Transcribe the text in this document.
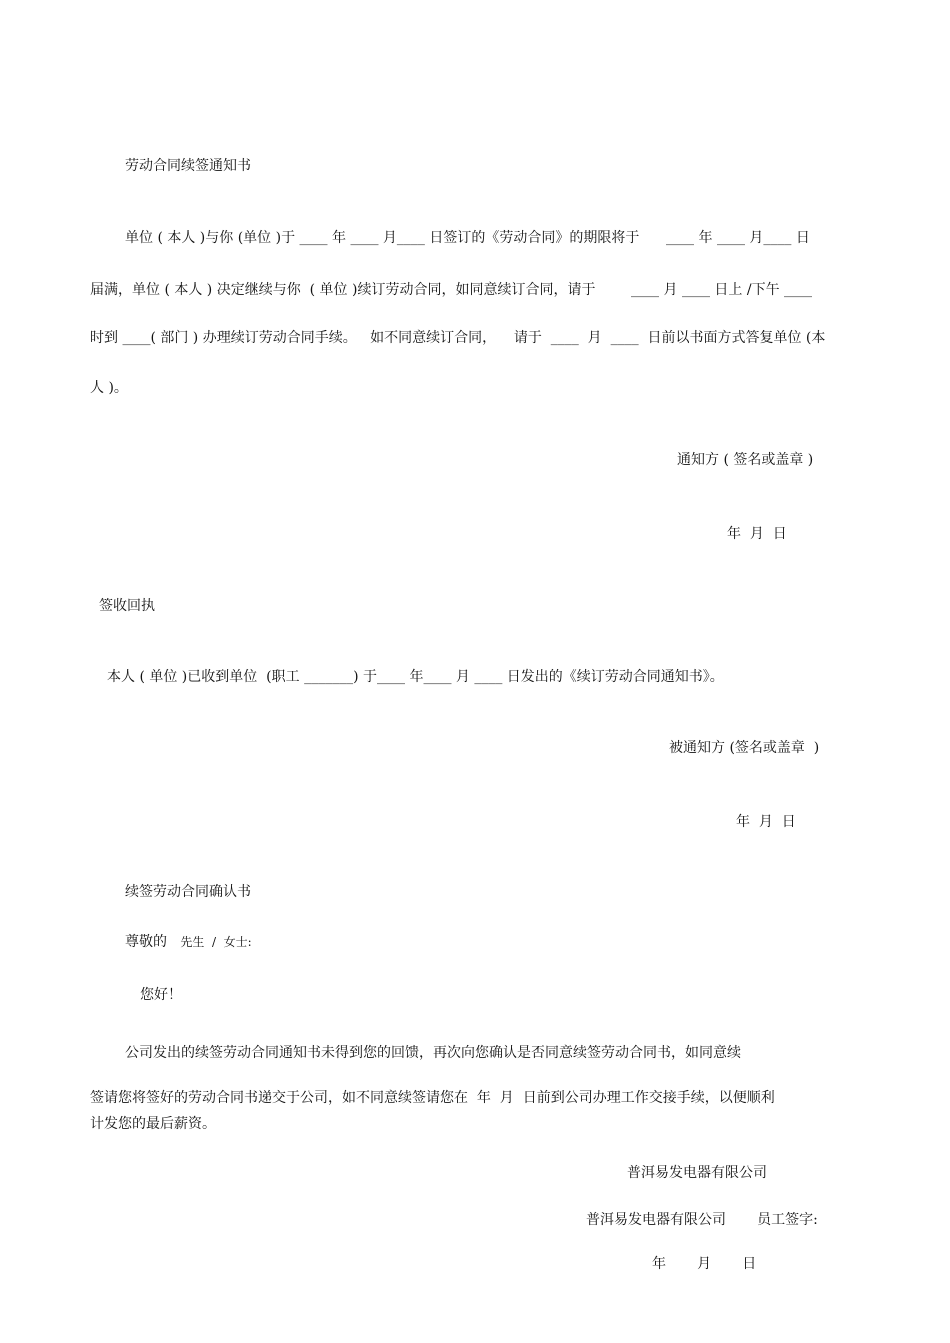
劳动合同续签通知书

单位 ( 本人 )与你 (单位 )于 ____ 年 ____ 月____ 日签订的《劳动合同》的期限将于      ____ 年 ____ 月____ 日

届满，单位 ( 本人 ) 决定继续与你  ( 单位 )续订劳动合同，如同意续订合同，请于        ____ 月 ____ 日上 /下午 ____

时到 ____( 部门 ) 办理续订劳动合同手续。   如不同意续订合同，    请于  ____  月  ____  日前以书面方式答复单位 (本

人 )。

通知方 ( 签名或盖章 )

年  月  日

签收回执

本人 ( 单位 )已收到单位  (职工 _______) 于____ 年____ 月 ____ 日发出的《续订劳动合同通知书》。

被通知方 (签名或盖章  )

年  月  日

续签劳动合同确认书

尊敬的 先生  /  女士:

您好！

公司发出的续签劳动合同通知书未得到您的回馈，再次向您确认是否同意续签劳动合同书，如同意续

签请您将签好的劳动合同书递交于公司，如不同意续签请您在  年  月  日前到公司办理工作交接手续，以便顺利

计发您的最后薪资。

普洱易发电器有限公司

普洱易发电器有限公司 员工签字:

年       月       日
